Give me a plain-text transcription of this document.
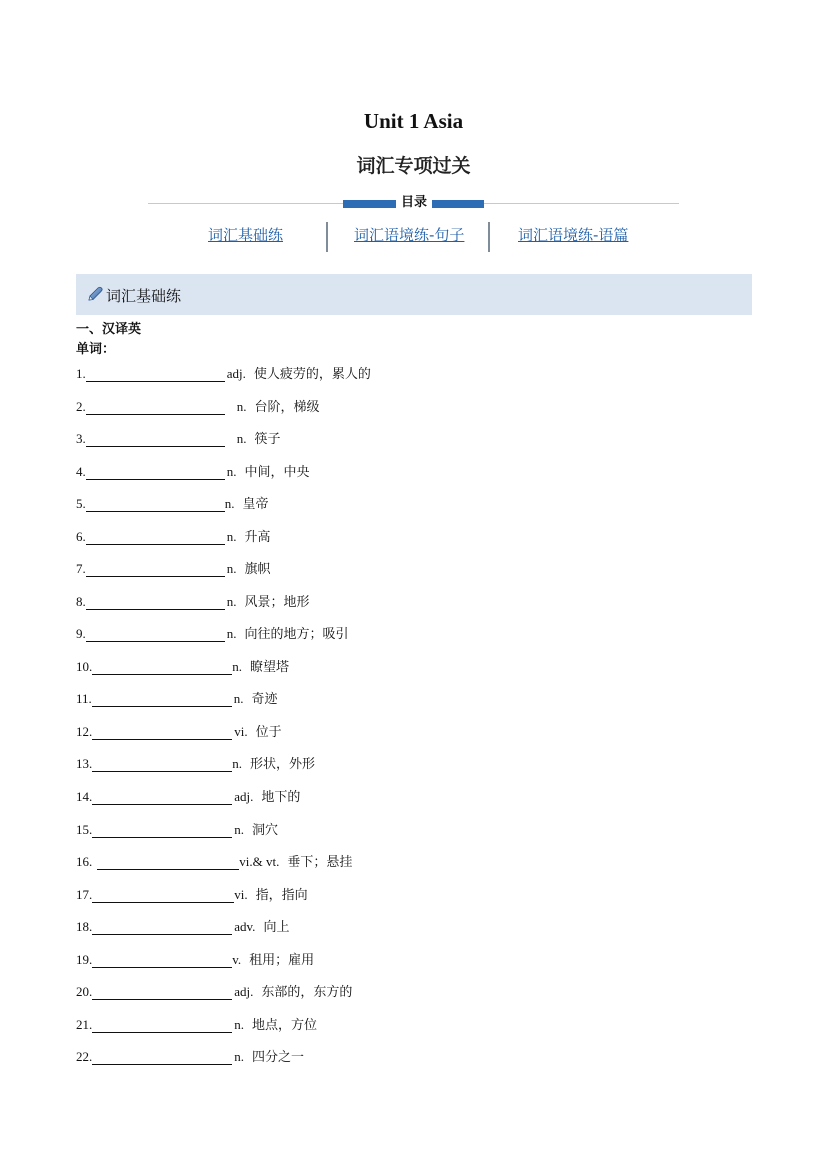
Unit 1 Asia
词汇专项过关
目录
词汇基础练	词汇语境练-句子	词汇语境练-语篇
词汇基础练
一、汉译英
单词：
1.	adj. 使人疲劳的，累人的
2.	n. 台阶，梯级
3.	n. 筷子
4.	n. 中间，中央
5.	n. 皇帝
6.	n. 升高
7.	n. 旗帜
8.	n. 风景；地形
9.	n. 向往的地方；吸引
10.	n. 瞭望塔
11.	n. 奇迹
12.	vi. 位于
13.	n. 形状，外形
14.	adj. 地下的
15.	n. 洞穴
16.	vi.& vt. 垂下；悬挂
17.	vi. 指，指向
18.	adv. 向上
19.	v. 租用；雇用
20.	adj. 东部的，东方的
21.	n. 地点，方位
22.	n. 四分之一
